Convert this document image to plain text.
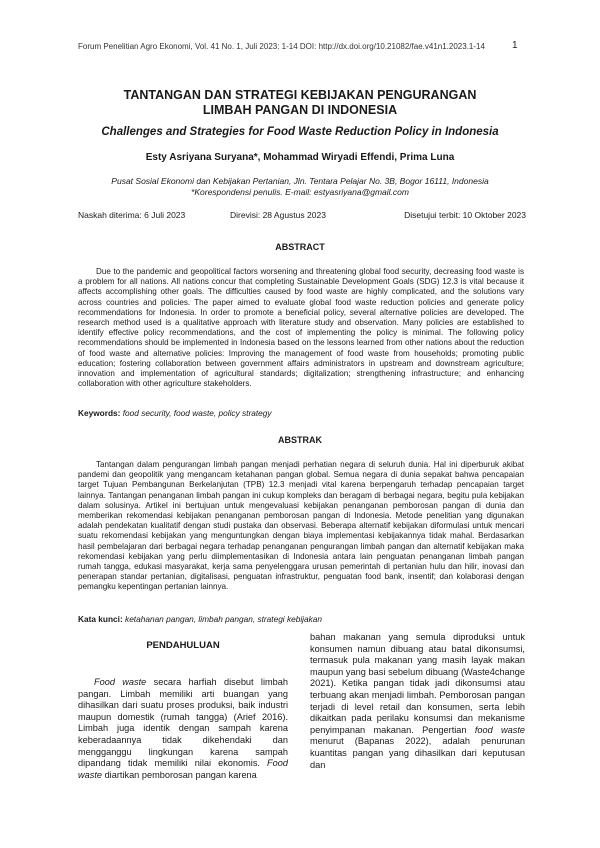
Forum Penelitian Agro Ekonomi, Vol. 41 No. 1, Juli 2023: 1-14 DOI: http://dx.doi.org/10.21082/fae.v41n1.2023.1-14	1
TANTANGAN DAN STRATEGI KEBIJAKAN PENGURANGAN
LIMBAH PANGAN DI INDONESIA
Challenges and Strategies for Food Waste Reduction Policy in Indonesia
Esty Asriyana Suryana*, Mohammad Wiryadi Effendi, Prima Luna
Pusat Sosial Ekonomi dan Kebijakan Pertanian, Jln. Tentara Pelajar No. 3B, Bogor 16111, Indonesia
*Korespondensi penulis. E-mail: estyasriyana@gmail.com
Naskah diterima: 6 Juli 2023	Direvisi: 28 Agustus 2023	Disetujui terbit: 10 Oktober 2023
ABSTRACT

Due to the pandemic and geopolitical factors worsening and threatening global food security, decreasing food waste is a problem for all nations. All nations concur that completing Sustainable Development Goals (SDG) 12.3 is vital because it affects accomplishing other goals. The difficulties caused by food waste are highly complicated, and the solutions vary across countries and policies. The paper aimed to evaluate global food waste reduction policies and generate policy recommendations for Indonesia. In order to promote a beneficial policy, several alternative policies are developed. The research method used is a qualitative approach with literature study and observation. Many policies are established to identify effective policy recommendations, and the cost of implementing the policy is minimal. The following policy recommendations should be implemented in Indonesia based on the lessons learned from other nations about the reduction of food waste and alternative policies: Improving the management of food waste from households; promoting public education; fostering collaboration between government affairs administrators in upstream and downstream agriculture; innovation and implementation of agricultural standards; digitalization; strengthening infrastructure; and enhancing collaboration with other agriculture stakeholders.

Keywords: food security, food waste, policy strategy
ABSTRAK

Tantangan dalam pengurangan limbah pangan menjadi perhatian negara di seluruh dunia. Hal ini diperburuk akibat pandemi dan geopolitik yang mengancam ketahanan pangan global. Semua negara di dunia sepakat bahwa pencapaian target Tujuan Pembangunan Berkelanjutan (TPB) 12.3 menjadi vital karena berpengaruh terhadap pencapaian target lainnya. Tantangan penanganan limbah pangan ini cukup kompleks dan beragam di berbagai negara, begitu pula kebijakan dalam solusinya. Artikel ini bertujuan untuk mengevaluasi kebijakan penanganan pemborosan pangan di dunia dan memberikan rekomendasi kebijakan penanganan pemborosan pangan di Indonesia. Metode penelitian yang digunakan adalah pendekatan kualitatif dengan studi pustaka dan observasi. Beberapa alternatif kebijakan diformulasi untuk mencari suatu rekomendasi kebijakan yang menguntungkan dengan biaya implementasi kebijakannya tidak mahal. Berdasarkan hasil pembelajaran dari berbagai negara terhadap penanganan pengurangan limbah pangan dan alternatif kebijakan maka rekomendasi kebijakan yang perlu diimplementasikan di Indonesia antara lain penguatan penanganan limbah pangan rumah tangga, edukasi masyarakat, kerja sama penyelenggara urusan pemerintah di pertanian hulu dan hilir, inovasi dan penerapan standar pertanian, digitalisasi, penguatan infrastruktur, penguatan food bank, insentif; dan kolaborasi dengan pemangku kepentingan pertanian lainnya.

Kata kunci: ketahanan pangan, limbah pangan, strategi kebijakan
PENDAHULUAN

Food waste secara harfiah disebut limbah pangan. Limbah memiliki arti buangan yang dihasilkan dari suatu proses produksi, baik industri maupun domestik (rumah tangga) (Arief 2016). Limbah juga identik dengan sampah karena keberadaannya tidak dikehendaki dan mengganggu lingkungan karena sampah dipandang tidak memiliki nilai ekonomis. Food waste diartikan pemborosan pangan karena

bahan makanan yang semula diproduksi untuk konsumen namun dibuang atau batal dikonsumsi, termasuk pula makanan yang masih layak makan maupun yang basi sebelum dibuang (Waste4change 2021). Ketika pangan tidak jadi dikonsumsi atau terbuang akan menjadi limbah. Pemborosan pangan terjadi di level retail dan konsumen, serta lebih dikaitkan pada perilaku konsumsi dan mekanisme penyimpanan makanan. Pengertian food waste menurut (Bapanas 2022), adalah penurunan kuantitas pangan yang dihasilkan dari keputusan dan
